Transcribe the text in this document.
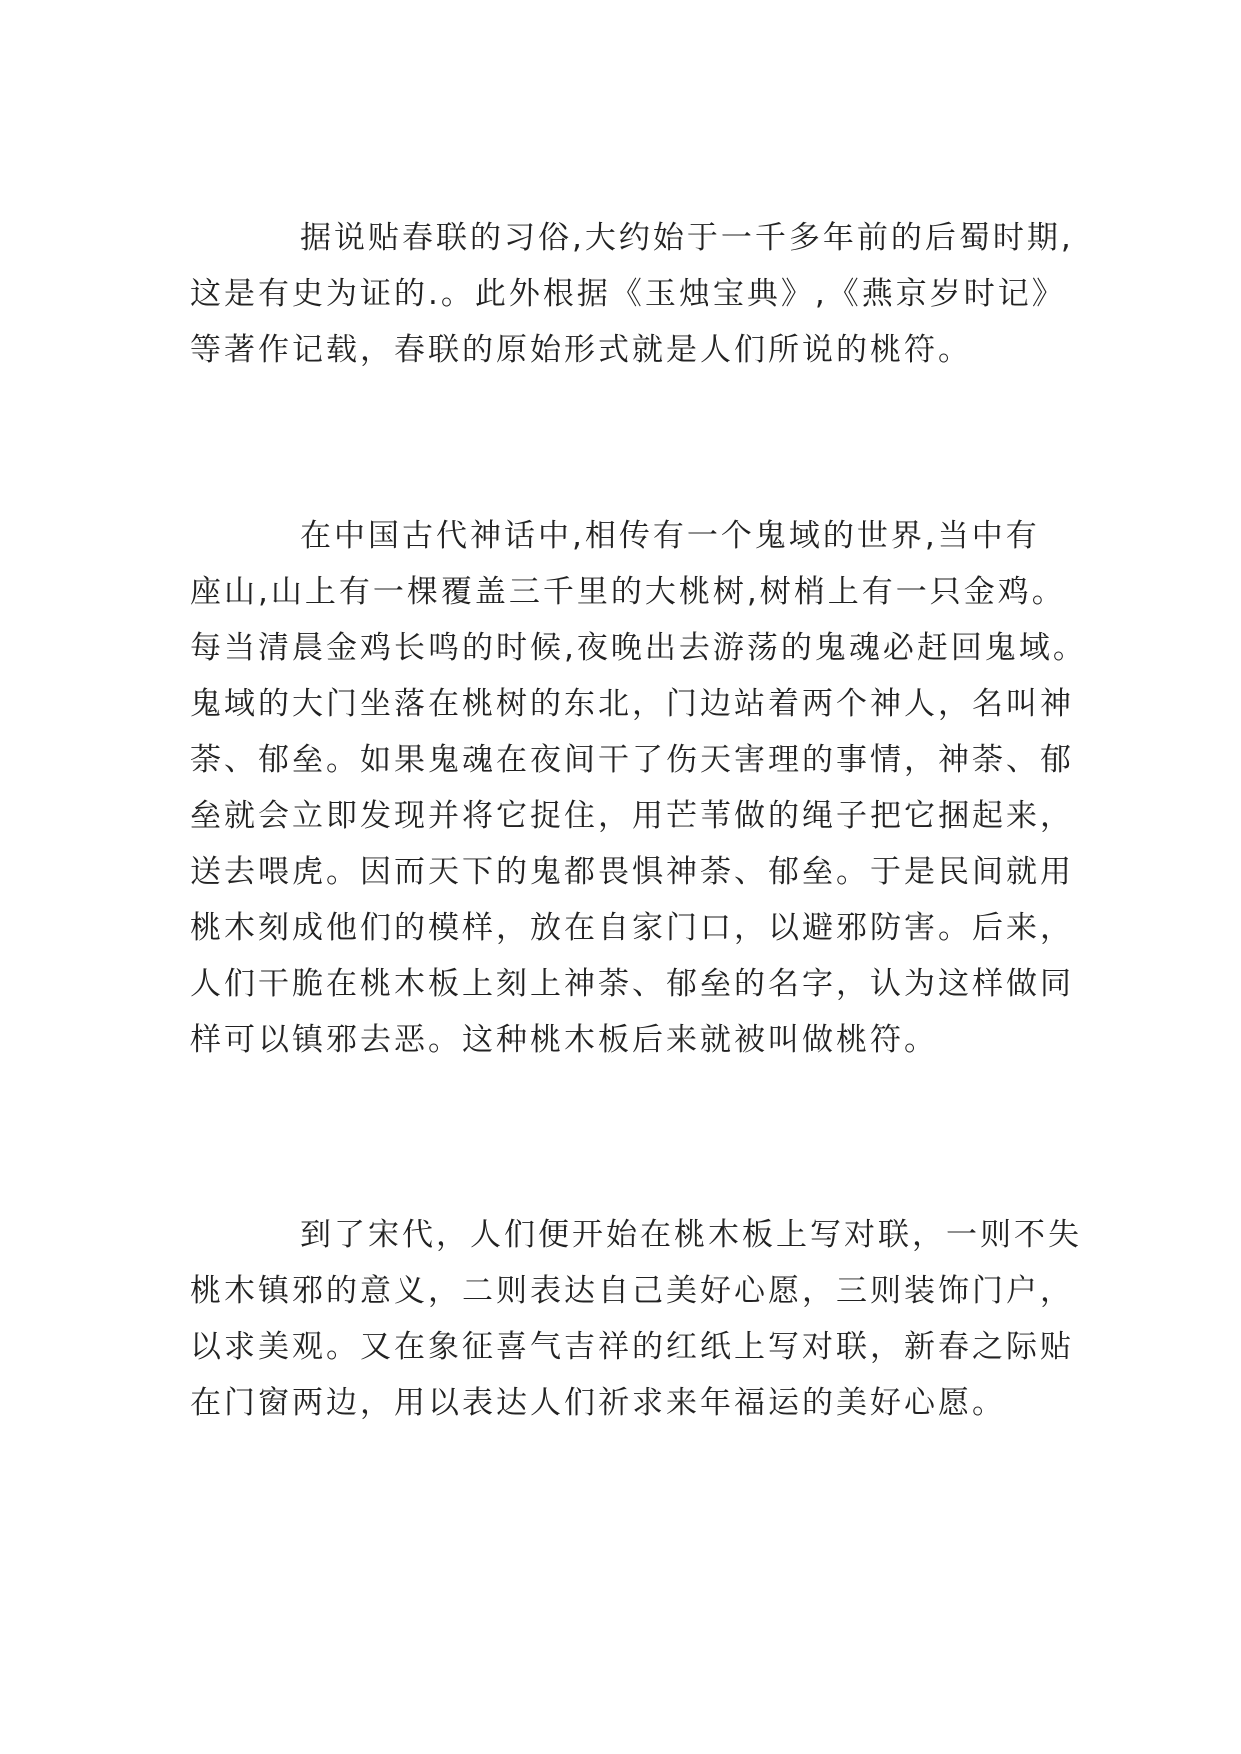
据说贴春联的习俗,大约始于一千多年前的后蜀时期,
这是有史为证的.。此外根据《玉烛宝典》,《燕京岁时记》
等著作记载，春联的原始形式就是人们所说的桃符。
在中国古代神话中,相传有一个鬼域的世界,当中有
座山,山上有一棵覆盖三千里的大桃树,树梢上有一只金鸡。
每当清晨金鸡长鸣的时候,夜晚出去游荡的鬼魂必赶回鬼域。
鬼域的大门坐落在桃树的东北，门边站着两个神人，名叫神
荼、郁垒。如果鬼魂在夜间干了伤天害理的事情，神荼、郁
垒就会立即发现并将它捉住，用芒苇做的绳子把它捆起来，
送去喂虎。因而天下的鬼都畏惧神荼、郁垒。于是民间就用
桃木刻成他们的模样，放在自家门口，以避邪防害。后来，
人们干脆在桃木板上刻上神荼、郁垒的名字，认为这样做同
样可以镇邪去恶。这种桃木板后来就被叫做桃符。
到了宋代，人们便开始在桃木板上写对联，一则不失
桃木镇邪的意义，二则表达自己美好心愿，三则装饰门户，
以求美观。又在象征喜气吉祥的红纸上写对联，新春之际贴
在门窗两边，用以表达人们祈求来年福运的美好心愿。
